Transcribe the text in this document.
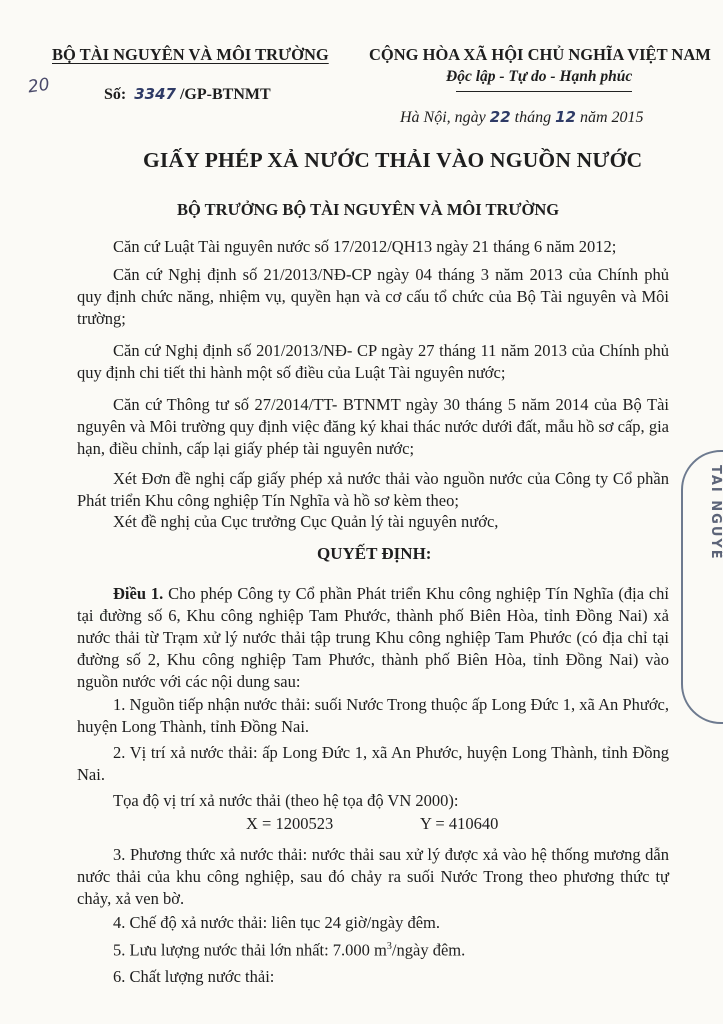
BỘ TÀI NGUYÊN VÀ MÔI TRƯỜNG
20	Số: 3347 /GP-BTNMT
CỘNG HÒA XÃ HỘI CHỦ NGHĨA VIỆT NAM
Độc lập - Tự do - Hạnh phúc
Hà Nội, ngày 22 tháng 12 năm 2015
GIẤY PHÉP XẢ NƯỚC THẢI VÀO NGUỒN NƯỚC
BỘ TRƯỞNG BỘ TÀI NGUYÊN VÀ MÔI TRƯỜNG
Căn cứ Luật Tài nguyên nước số 17/2012/QH13 ngày 21 tháng 6 năm 2012;
Căn cứ Nghị định số 21/2013/NĐ-CP ngày 04 tháng 3 năm 2013 của Chính phủ quy định chức năng, nhiệm vụ, quyền hạn và cơ cấu tổ chức của Bộ Tài nguyên và Môi trường;
Căn cứ Nghị định số 201/2013/NĐ- CP ngày 27 tháng 11 năm 2013 của Chính phủ quy định chi tiết thi hành một số điều của Luật Tài nguyên nước;
Căn cứ Thông tư số 27/2014/TT- BTNMT ngày 30 tháng 5 năm 2014 của Bộ Tài nguyên và Môi trường quy định việc đăng ký khai thác nước dưới đất, mẫu hồ sơ cấp, gia hạn, điều chỉnh, cấp lại giấy phép tài nguyên nước;
Xét Đơn đề nghị cấp giấy phép xả nước thải vào nguồn nước của Công ty Cổ phần Phát triển Khu công nghiệp Tín Nghĩa và hồ sơ kèm theo;
Xét đề nghị của Cục trưởng Cục Quản lý tài nguyên nước,
QUYẾT ĐỊNH:
Điều 1. Cho phép Công ty Cổ phần Phát triển Khu công nghiệp Tín Nghĩa (địa chỉ tại đường số 6, Khu công nghiệp Tam Phước, thành phố Biên Hòa, tỉnh Đồng Nai) xả nước thải từ Trạm xử lý nước thải tập trung Khu công nghiệp Tam Phước (có địa chỉ tại đường số 2, Khu công nghiệp Tam Phước, thành phố Biên Hòa, tỉnh Đồng Nai) vào nguồn nước với các nội dung sau:
1. Nguồn tiếp nhận nước thải: suối Nước Trong thuộc ấp Long Đức 1, xã An Phước, huyện Long Thành, tỉnh Đồng Nai.
2. Vị trí xả nước thải: ấp Long Đức 1, xã An Phước, huyện Long Thành, tỉnh Đồng Nai.
Tọa độ vị trí xả nước thải (theo hệ tọa độ VN 2000):
X = 1200523	Y = 410640
3. Phương thức xả nước thải: nước thải sau xử lý được xả vào hệ thống mương dẫn nước thải của khu công nghiệp, sau đó chảy ra suối Nước Trong theo phương thức tự chảy, xả ven bờ.
4. Chế độ xả nước thải: liên tục 24 giờ/ngày đêm.
5. Lưu lượng nước thải lớn nhất: 7.000 $m^3$/ngày đêm.
6. Chất lượng nước thải:
TÀI NGUYÊ
